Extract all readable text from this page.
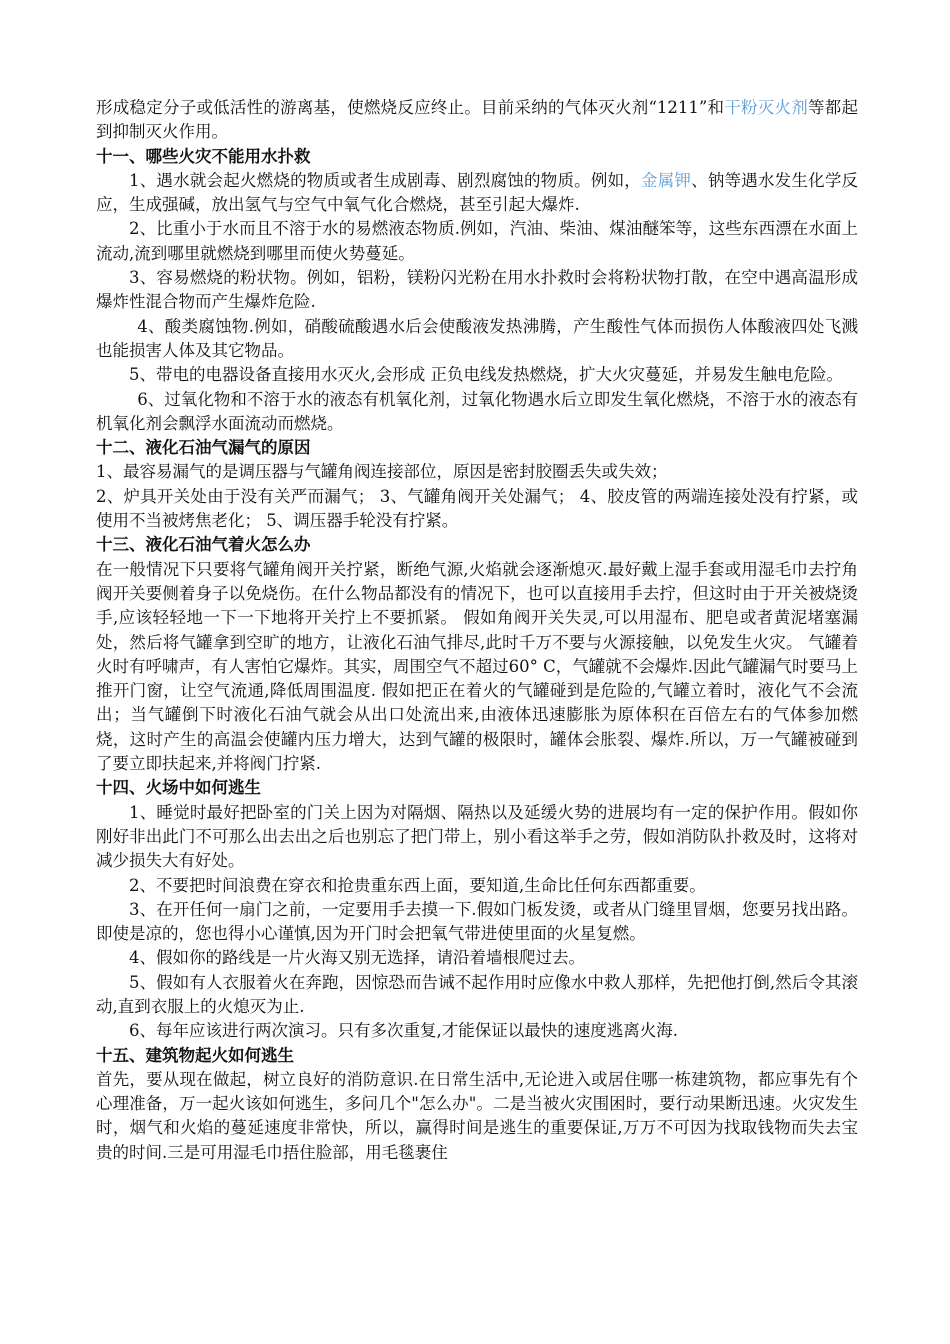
形成稳定分子或低活性的游离基，使燃烧反应终止。目前采纳的气体灭火剂“1211”和干粉灭火剂等都起到抑制灭火作用。

十一、哪些火灾不能用水扑救

1、遇水就会起火燃烧的物质或者生成剧毒、剧烈腐蚀的物质。例如，金属钾、钠等遇水发生化学反应，生成强碱，放出氢气与空气中氧气化合燃烧，甚至引起大爆炸.

2、比重小于水而且不溶于水的易燃液态物质.例如，汽油、柴油、煤油醚笨等，这些东西漂在水面上流动,流到哪里就燃烧到哪里而使火势蔓延。

3、容易燃烧的粉状物。例如，铝粉，镁粉闪光粉在用水扑救时会将粉状物打散，在空中遇高温形成爆炸性混合物而产生爆炸危险.

4、酸类腐蚀物.例如，硝酸硫酸遇水后会使酸液发热沸腾，产生酸性气体而损伤人体酸液四处飞溅也能损害人体及其它物品。

5、带电的电器设备直接用水灭火,会形成 正负电线发热燃烧，扩大火灾蔓延，并易发生触电危险。

6、过氧化物和不溶于水的液态有机氧化剂，过氧化物遇水后立即发生氧化燃烧，不溶于水的液态有机氧化剂会飘浮水面流动而燃烧。

十二、液化石油气漏气的原因

1、最容易漏气的是调压器与气罐角阀连接部位，原因是密封胶圈丢失或失效；

2、炉具开关处由于没有关严而漏气； 3、气罐角阀开关处漏气； 4、胶皮管的两端连接处没有拧紧，或使用不当被烤焦老化； 5、调压器手轮没有拧紧。

十三、液化石油气着火怎么办

在一般情况下只要将气罐角阀开关拧紧，断绝气源,火焰就会逐渐熄灭.最好戴上湿手套或用湿毛巾去拧角阀开关要侧着身子以免烧伤。在什么物品都没有的情况下，也可以直接用手去拧，但这时由于开关被烧烫手,应该轻轻地一下一下地将开关拧上不要抓紧。 假如角阀开关失灵,可以用湿布、肥皂或者黄泥堵塞漏处，然后将气罐拿到空旷的地方，让液化石油气排尽,此时千万不要与火源接触，以免发生火灾。 气罐着火时有呼啸声，有人害怕它爆炸。其实，周围空气不超过60° C，气罐就不会爆炸.因此气罐漏气时要马上推开门窗，让空气流通,降低周围温度. 假如把正在着火的气罐碰到是危险的,气罐立着时，液化气不会流出；当气罐倒下时液化石油气就会从出口处流出来,由液体迅速膨胀为原体积在百倍左右的气体参加燃烧，这时产生的高温会使罐内压力增大，达到气罐的极限时，罐体会胀裂、爆炸.所以，万一气罐被碰到了要立即扶起来,并将阀门拧紧.

十四、火场中如何逃生

1、睡觉时最好把卧室的门关上因为对隔烟、隔热以及延缓火势的进展均有一定的保护作用。假如你刚好非出此门不可那么出去出之后也别忘了把门带上，别小看这举手之劳，假如消防队扑救及时，这将对减少损失大有好处。

2、不要把时间浪费在穿衣和抢贵重东西上面，要知道,生命比任何东西都重要。

3、在开任何一扇门之前，一定要用手去摸一下.假如门板发烫，或者从门缝里冒烟，您要另找出路。即使是凉的，您也得小心谨慎,因为开门时会把氧气带进使里面的火星复燃。

4、假如你的路线是一片火海又别无选择，请沿着墙根爬过去。

5、假如有人衣服着火在奔跑，因惊恐而告诫不起作用时应像水中救人那样，先把他打倒,然后令其滚动,直到衣服上的火熄灭为止.

6、每年应该进行两次演习。只有多次重复,才能保证以最快的速度逃离火海.

十五、建筑物起火如何逃生

首先，要从现在做起，树立良好的消防意识.在日常生活中,无论进入或居住哪一栋建筑物，都应事先有个心理准备，万一起火该如何逃生，多问几个"怎么办"。二是当被火灾围困时，要行动果断迅速。火灾发生时，烟气和火焰的蔓延速度非常快，所以，赢得时间是逃生的重要保证,万万不可因为找取钱物而失去宝贵的时间.三是可用湿毛巾捂住脸部，用毛毯裹住
